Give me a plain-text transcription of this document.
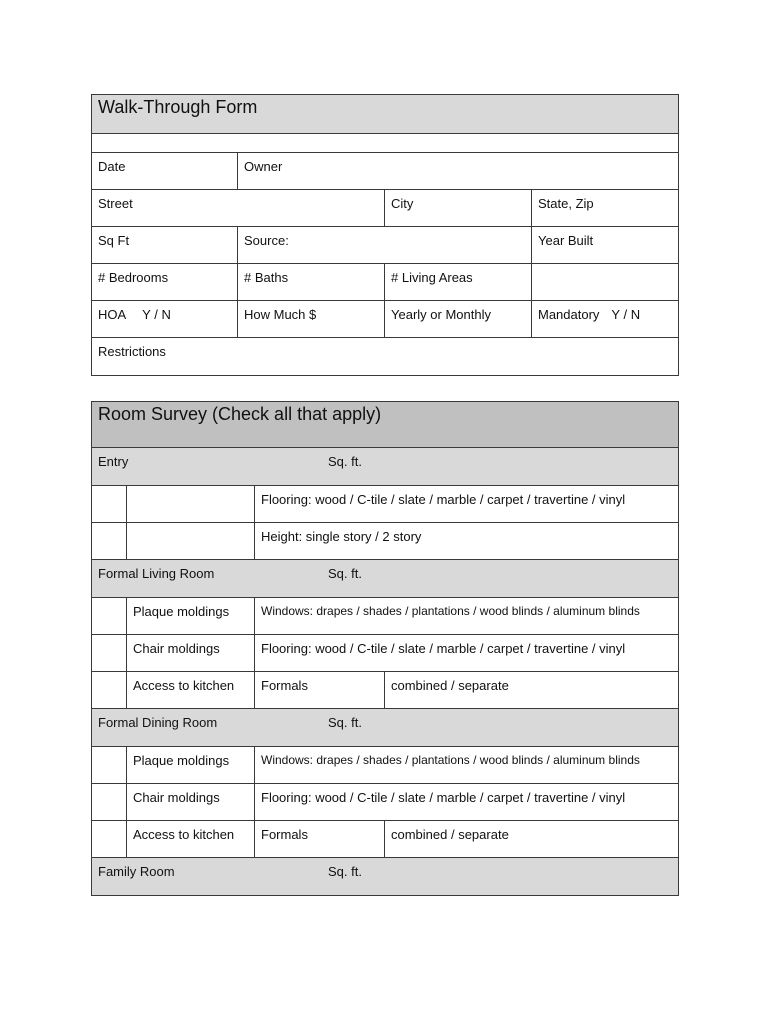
Walk-Through Form			

Date	Owner		
Street		City	State, Zip
Sq Ft	Source:		Year Built
# Bedrooms	# Baths	# Living Areas	
HOA Y / N	How Much $	Yearly or Monthly	Mandatory Y / N
Restrictions			
Room Survey (Check all that apply)			
Entry Sq. ft.			

		Flooring: wood / C-tile / slate / marble / carpet / travertine / vinyl	
		Height: single story / 2 story	
Formal Living Room Sq. ft.			

	Plaque moldings	Windows: drapes / shades / plantations / wood blinds / aluminum blinds	
	Chair moldings	Flooring: wood / C-tile / slate / marble / carpet / travertine / vinyl	
	Access to kitchen	Formals	combined / separate
Formal Dining Room Sq. ft.			

	Plaque moldings	Windows: drapes / shades / plantations / wood blinds / aluminum blinds	
	Chair moldings	Flooring: wood / C-tile / slate / marble / carpet / travertine / vinyl	
	Access to kitchen	Formals	combined / separate
Family Room Sq. ft.			
